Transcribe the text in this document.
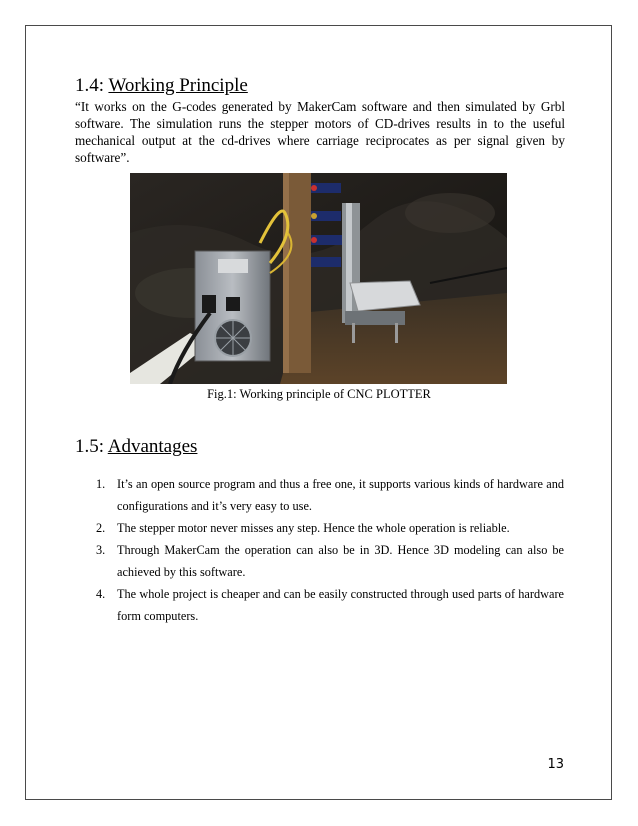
1.4: Working Principle

“It works on the G-codes generated by MakerCam software and then simulated by Grbl software. The simulation runs the stepper motors of CD-drives results in to the useful mechanical output at the cd-drives where carriage reciprocates as per signal given by software”.

Fig.1: Working principle of CNC PLOTTER

1.5: Advantages
1. It’s an open source program and thus a free one, it supports various kinds of hardware and configurations and it’s very easy to use.
2. The stepper motor never misses any step. Hence the whole operation is reliable.
3. Through MakerCam the operation can also be in 3D. Hence 3D modeling can also be achieved by this software.
4. The whole project is cheaper and can be easily constructed through used parts of hardware form computers.
13
